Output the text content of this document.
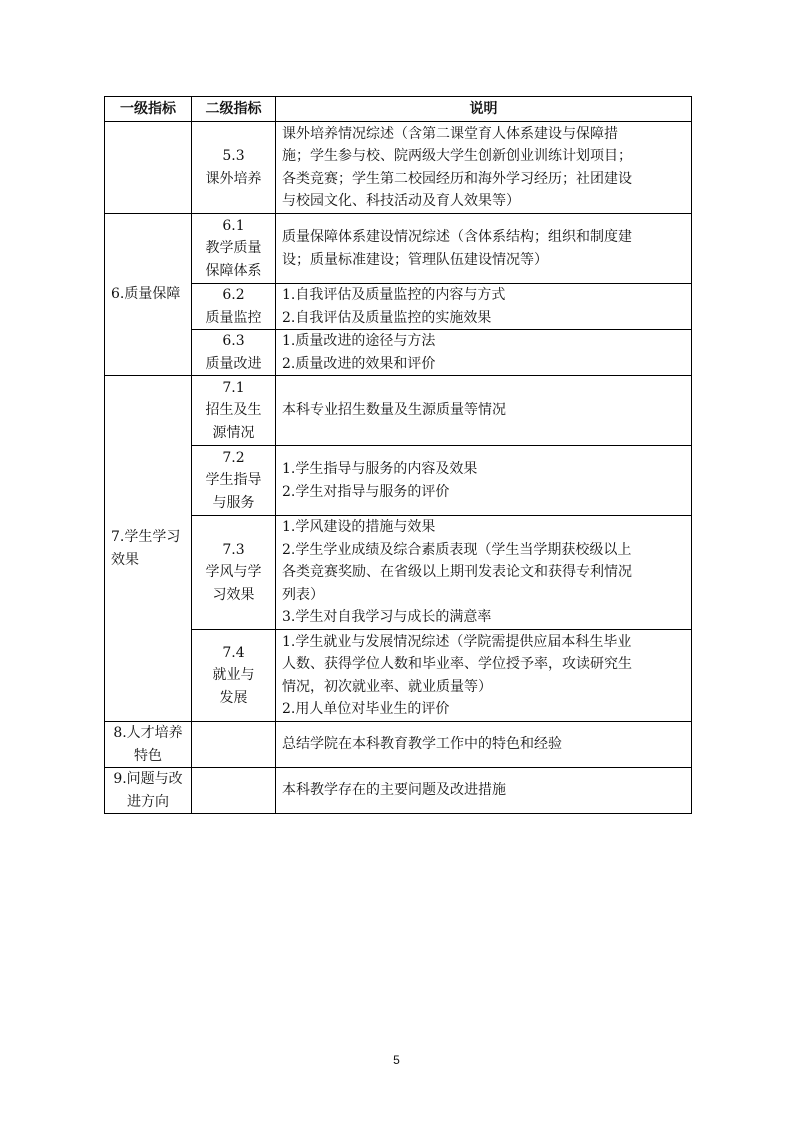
一级指标	二级指标	说明

	5.3
课外培养	课外培养情况综述（含第二课堂育人体系建设与保障措
施；学生参与校、院两级大学生创新创业训练计划项目；
各类竞赛；学生第二校园经历和海外学习经历；社团建设
与校园文化、科技活动及育人效果等）

6.质量保障	6.1
教学质量
保障体系	质量保障体系建设情况综述（含体系结构；组织和制度建
设；质量标准建设；管理队伍建设情况等）

	6.2
质量监控	1.自我评估及质量监控的内容与方式
2.自我评估及质量监控的实施效果

	6.3
质量改进	1.质量改进的途径与方法
2.质量改进的效果和评价

7.学生学习效果	7.1
招生及生
源情况	本科专业招生数量及生源质量等情况

	7.2
学生指导
与服务	1.学生指导与服务的内容及效果
2.学生对指导与服务的评价

	7.3
学风与学
习效果	1.学风建设的措施与效果
2.学生学业成绩及综合素质表现（学生当学期获校级以上
各类竞赛奖励、在省级以上期刊发表论文和获得专利情况
列表）
3.学生对自我学习与成长的满意率

	7.4
就业与
发展	1.学生就业与发展情况综述（学院需提供应届本科生毕业
人数、获得学位人数和毕业率、学位授予率，攻读研究生
情况，初次就业率、就业质量等）
2.用人单位对毕业生的评价

8.人才培养特色		总结学院在本科教育教学工作中的特色和经验

9.问题与改进方向		本科教学存在的主要问题及改进措施
5
